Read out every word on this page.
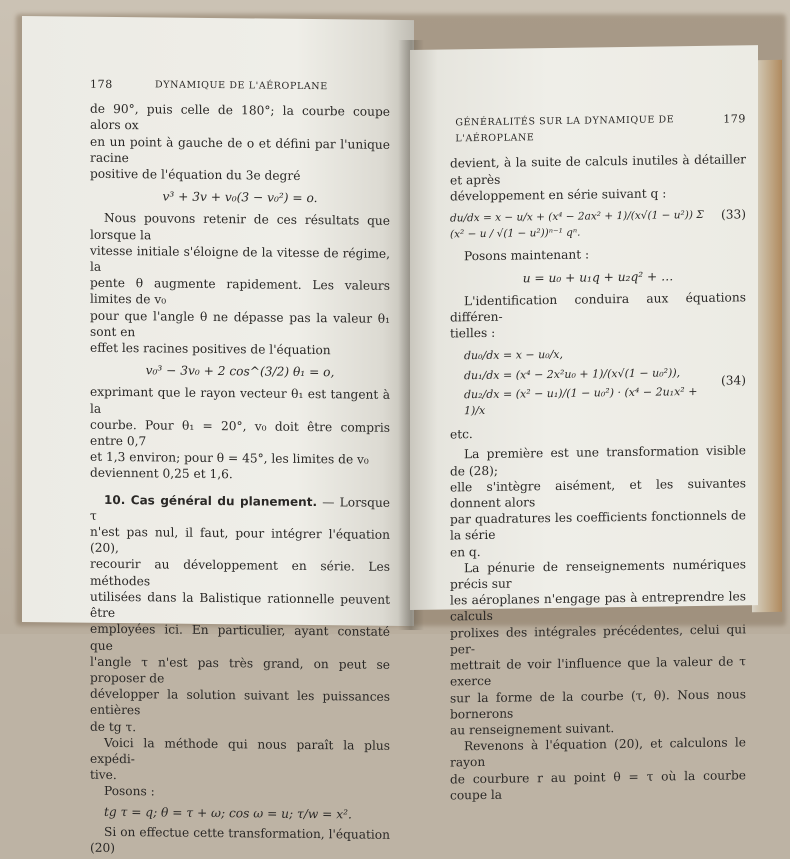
178	DYNAMIQUE DE L'AÉROPLANE

de 90°, puis celle de 180°; la courbe coupe alors ox

en un point à gauche de o et défini par l'unique racine

positive de l'équation du 3e degré

v³ + 3v + v₀(3 − v₀²) = o.

Nous pouvons retenir de ces résultats que lorsque la

vitesse initiale s'éloigne de la vitesse de régime, la

pente θ augmente rapidement. Les valeurs limites de v₀

pour que l'angle θ ne dépasse pas la valeur θ₁ sont en

effet les racines positives de l'équation

v₀³ − 3v₀ + 2 cos^(3/2) θ₁ = o,

exprimant que le rayon vecteur θ₁ est tangent à la

courbe. Pour θ₁ = 20°, v₀ doit être compris entre 0,7

et 1,3 environ; pour θ = 45°, les limites de v₀

deviennent 0,25 et 1,6.

10. Cas général du planement. — Lorsque τ

n'est pas nul, il faut, pour intégrer l'équation (20),

recourir au développement en série. Les méthodes

utilisées dans la Balistique rationnelle peuvent être

employées ici. En particulier, ayant constaté que

l'angle τ n'est pas très grand, on peut se proposer de

développer la solution suivant les puissances entières

de tg τ.

Voici la méthode qui nous paraît la plus expédi-

tive.

Posons :

tg τ = q; θ = τ + ω; cos ω = u; τ/w = x².

Si on effectue cette transformation, l'équation (20)

GÉNÉRALITÉS SUR LA DYNAMIQUE DE L'AÉROPLANE
179

devient, à la suite de calculs inutiles à détailler et après

développement en série suivant q :

du/dx = x − u/x + (x⁴ − 2ax² + 1)/(x√(1 − u²)) Σ (x² − u / √(1 − u²))ⁿ⁻¹ qⁿ.
(33)

Posons maintenant :

u = u₀ + u₁q + u₂q² + …

L'identification conduira aux équations différen-

tielles :

du₀/dx = x − u₀/x,
du₁/dx = (x⁴ − 2x²u₀ + 1)/(x√(1 − u₀²)),
du₂/dx = (x² − u₁)/(1 − u₀²) · (x⁴ − 2u₁x² + 1)/x
(34)

etc.

La première est une transformation visible de (28);

elle s'intègre aisément, et les suivantes donnent alors

par quadratures les coefficients fonctionnels de la série

en q.

La pénurie de renseignements numériques précis sur

les aéroplanes n'engage pas à entreprendre les calculs

prolixes des intégrales précédentes, celui qui per-

mettrait de voir l'influence que la valeur de τ exerce

sur la forme de la courbe (τ, θ). Nous nous bornerons

au renseignement suivant.

Revenons à l'équation (20), et calculons le rayon

de courbure r au point θ = τ où la courbe coupe la
